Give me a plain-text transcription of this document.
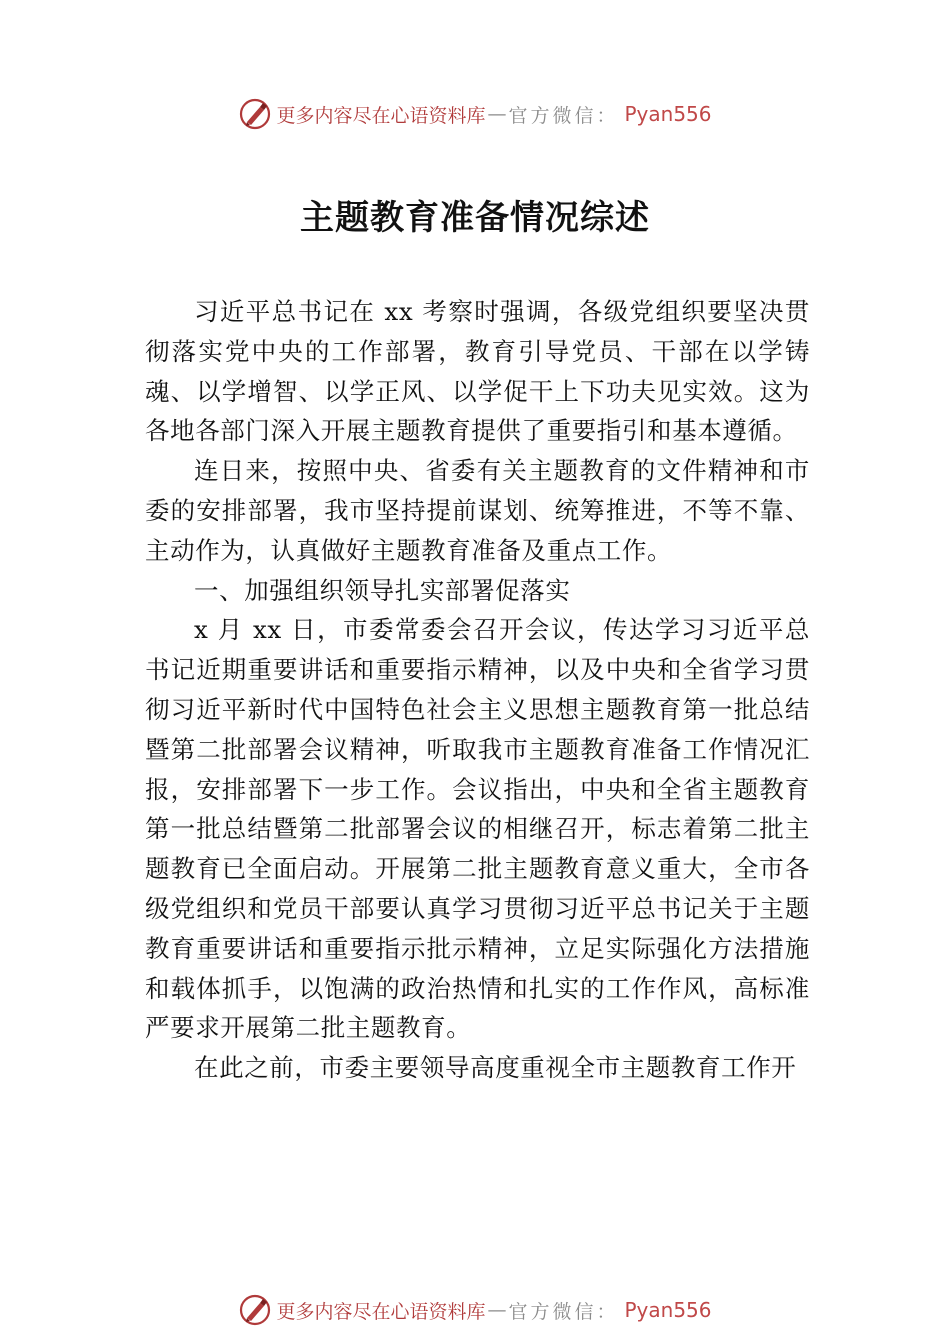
更多内容尽在心语资料库 — 官方微信： Pyan556
主题教育准备情况综述

习近平总书记在 xx 考察时强调，各级党组织要坚决贯彻落实党中央的工作部署，教育引导党员、干部在以学铸魂、以学增智、以学正风、以学促干上下功夫见实效。这为各地各部门深入开展主题教育提供了重要指引和基本遵循。

连日来，按照中央、省委有关主题教育的文件精神和市委的安排部署，我市坚持提前谋划、统筹推进，不等不靠、 主动作为，认真做好主题教育准备及重点工作。

一、加强组织领导扎实部署促落实

x 月 xx 日，市委常委会召开会议，传达学习习近平总书记近期重要讲话和重要指示精神，以及中央和全省学习贯彻习近平新时代中国特色社会主义思想主题教育第一批总结暨第二批部署会议精神，听取我市主题教育准备工作情况汇报，安排部署下一步工作。会议指出，中央和全省主题教育第一批总结暨第二批部署会议的相继召开，标志着第二批主题教育已全面启动。开展第二批主题教育意义重大，全市各级党组织和党员干部要认真学习贯彻习近平总书记关于主题教育重要讲话和重要指示批示精神，立足实际强化方法措施和载体抓手，以饱满的政治热情和扎实的工作作风，高标准严要求开展第二批主题教育。

在此之前，市委主要领导高度重视全市主题教育工作开

更多内容尽在心语资料库 — 官方微信： Pyan556
